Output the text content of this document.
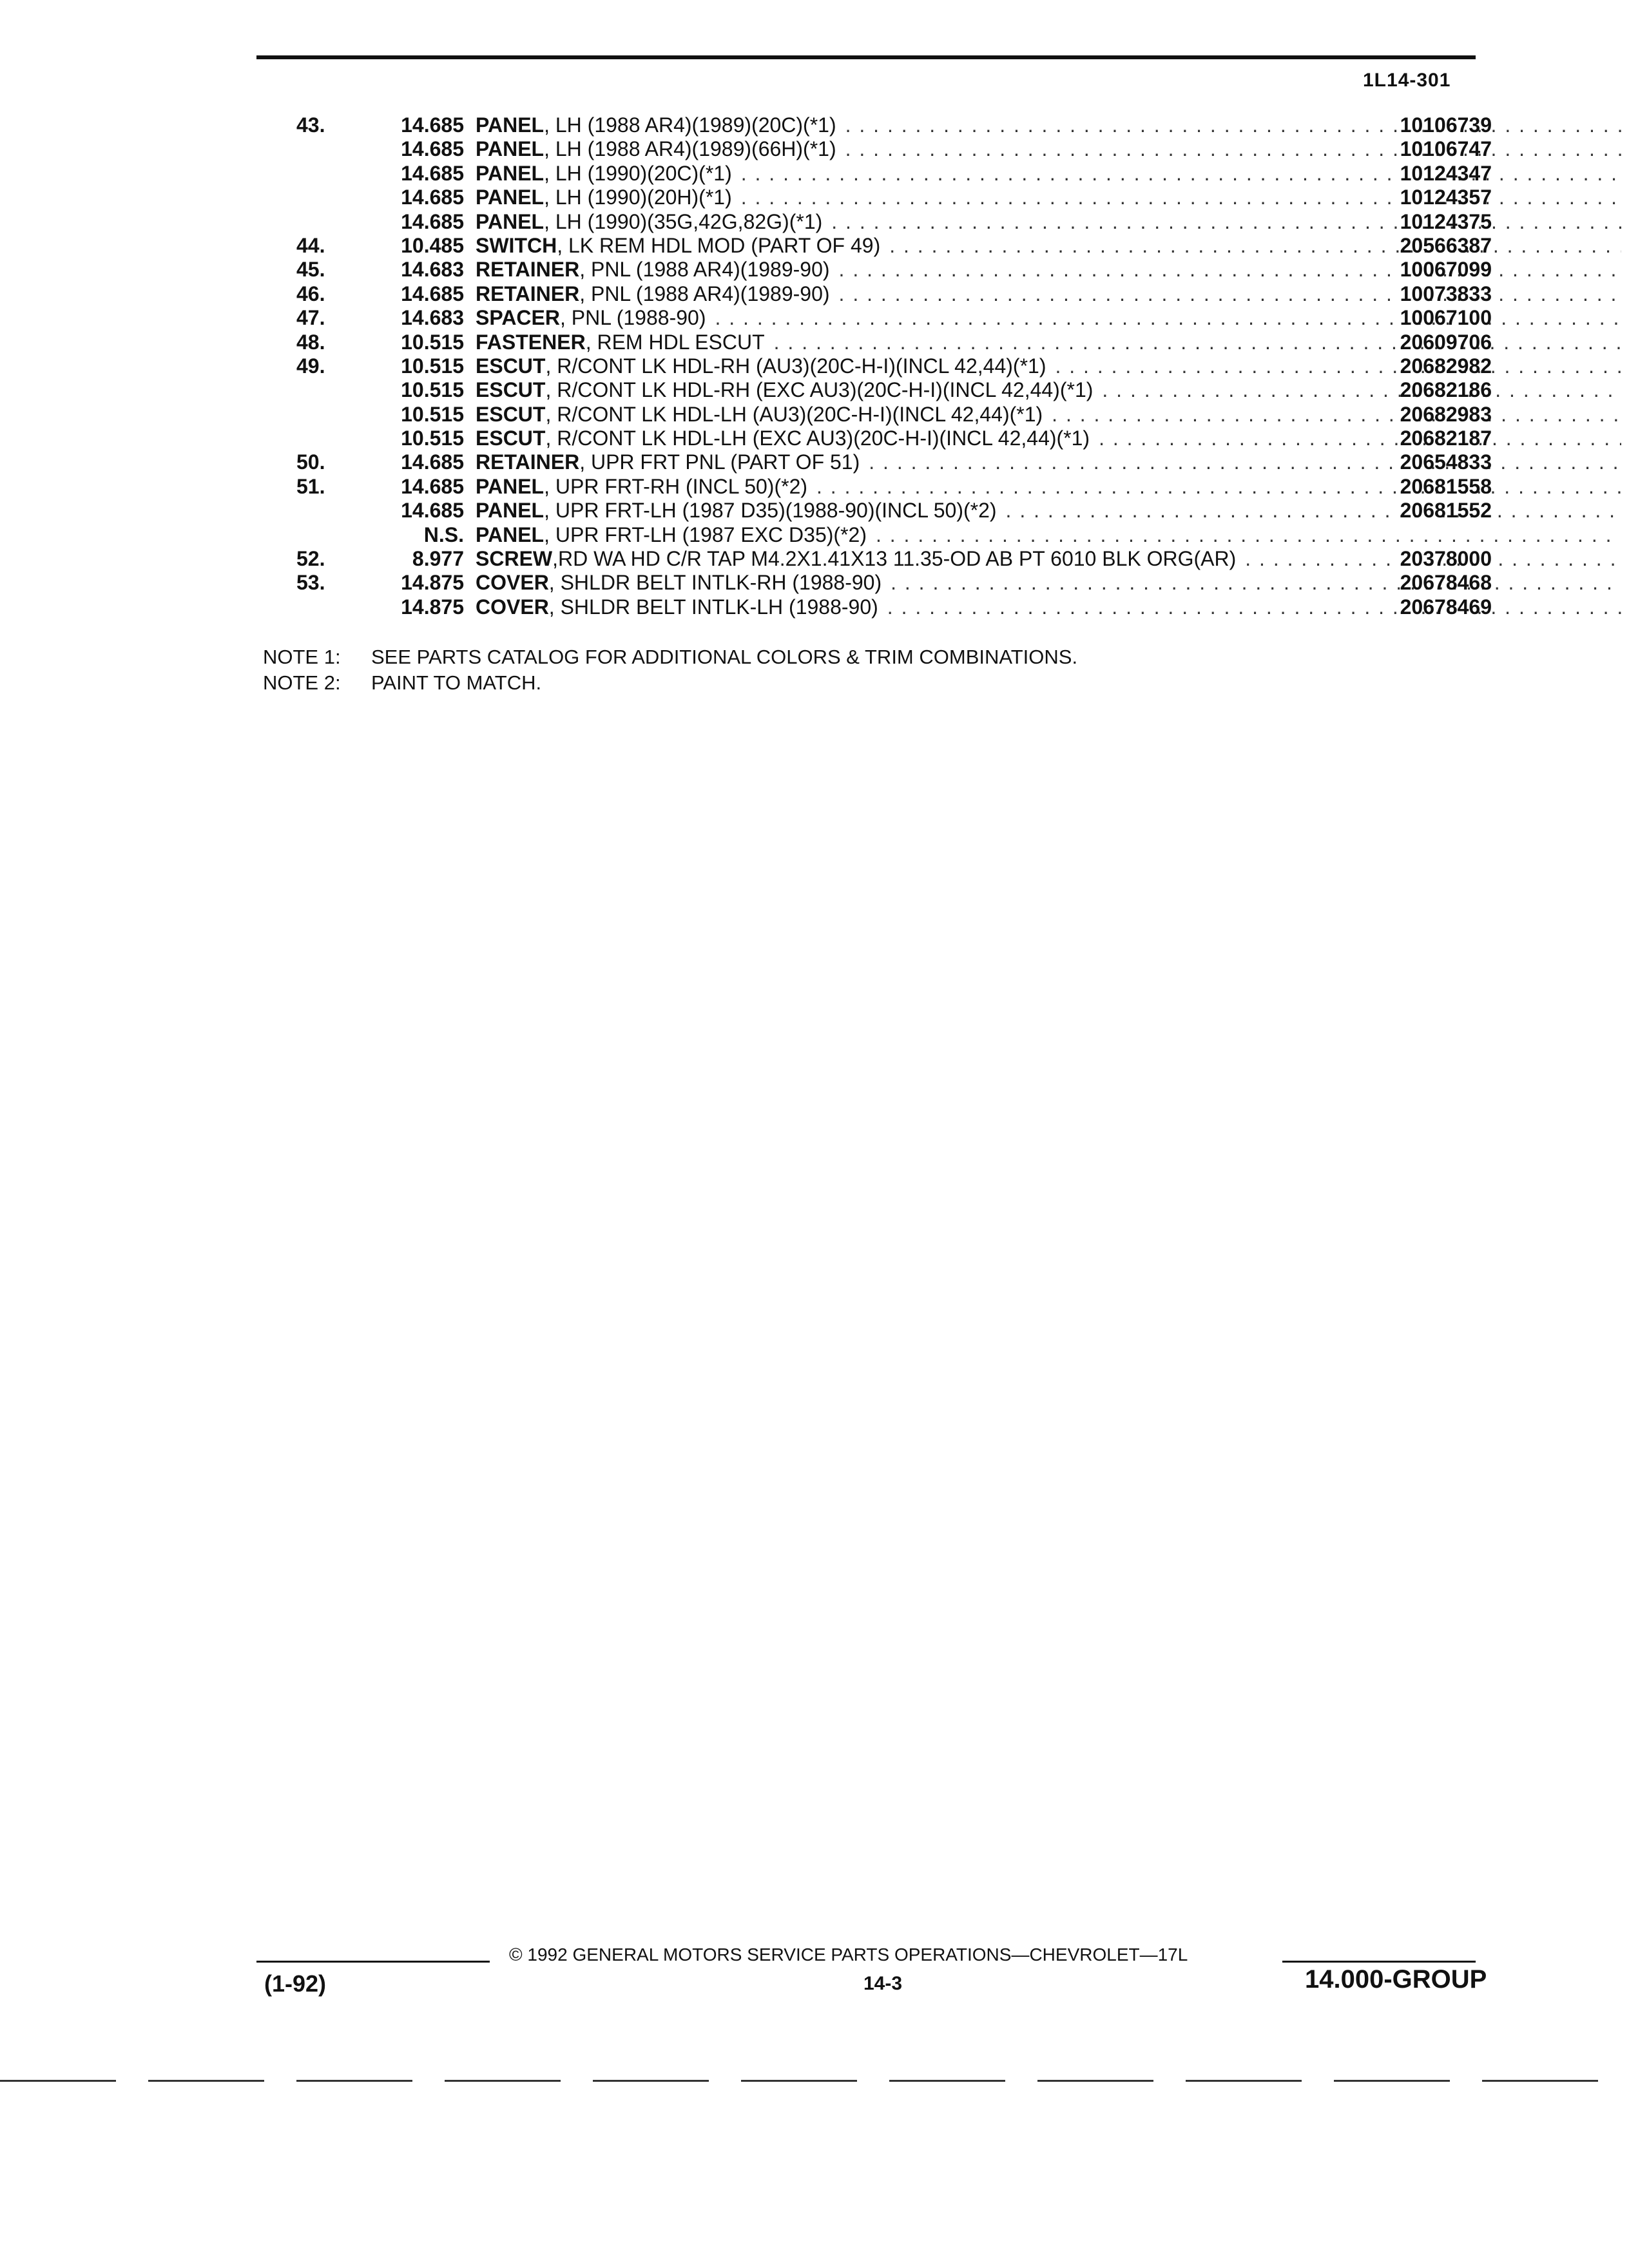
1L14-301
43.	14.685 PANEL , LH (1988 AR4)(1989)(20C)(*1) . . .	10106739
14.685 PANEL , LH (1988 AR4)(1989)(66H)(*1) . . .	10106747
14.685 PANEL , LH (1990)(20C)(*1) . . .	10124347
14.685 PANEL , LH (1990)(20H)(*1) . . .	10124357
14.685 PANEL , LH (1990)(35G,42G,82G)(*1) . . .	10124375
44.	10.485 SWITCH , LK REM HDL MOD (PART OF 49) . . .	20566387
45.	14.683 RETAINER , PNL (1988 AR4)(1989-90) . . .	10067099
46.	14.685 RETAINER , PNL (1988 AR4)(1989-90) . . .	10073833
47.	14.683 SPACER , PNL (1988-90) . . .	10067100
48.	10.515 FASTENER , REM HDL ESCUT . . .	20609706
49.	10.515 ESCUT , R/CONT LK HDL-RH (AU3)(20C-H-I)(INCL 42,44)(*1) . . .	20682982
10.515 ESCUT , R/CONT LK HDL-RH (EXC AU3)(20C-H-I)(INCL 42,44)(*1) . . .	20682186
10.515 ESCUT , R/CONT LK HDL-LH (AU3)(20C-H-I)(INCL 42,44)(*1) . . .	20682983
10.515 ESCUT , R/CONT LK HDL-LH (EXC AU3)(20C-H-I)(INCL 42,44)(*1) . . .	20682187
50.	14.685 RETAINER , UPR FRT PNL (PART OF 51) . . .	20654833
51.	14.685 PANEL , UPR FRT-RH (INCL 50)(*2) . . .	20681558
14.685 PANEL , UPR FRT-LH (1987 D35)(1988-90)(INCL 50)(*2) . . .	20681552
N.S. PANEL , UPR FRT-LH (1987 EXC D35)(*2)
. . .
52.	8.977 SCREW ,RD WA HD C/R TAP M4.2X1.41X13 11.35-OD AB PT 6010 BLK ORG(AR) . . .	20378000
53.	14.875 COVER , SHLDR BELT INTLK-RH (1988-90) . . .	20678468
14.875 COVER , SHLDR BELT INTLK-LH (1988-90) . . .	20678469
NOTE 1: SEE PARTS CATALOG FOR ADDITIONAL COLORS & TRIM COMBINATIONS.
NOTE 2: PAINT TO MATCH.
© 1992 GENERAL MOTORS SERVICE PARTS OPERATIONS—CHEVROLET—17L
(1-92)	14-3	14.000-GROUP
